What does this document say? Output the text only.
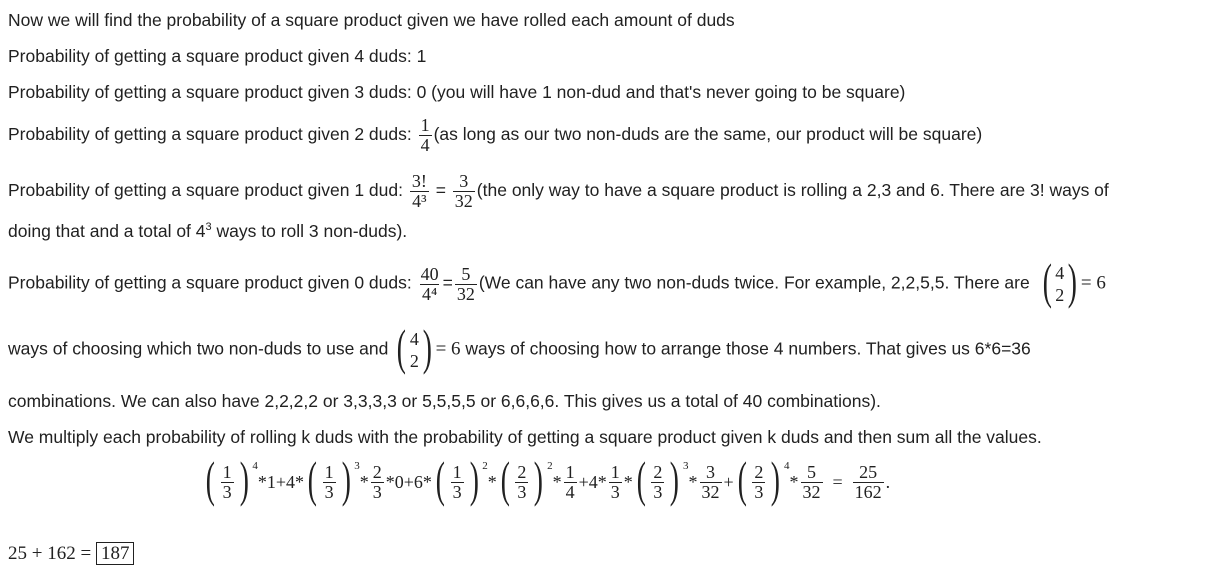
Now we will find the probability of a square product given we have rolled each amount of duds
Probability of getting a square product given 4 duds: 1
Probability of getting a square product given 3 duds: 0 (you will have 1 non-dud and that's never going to be square)
Probability of getting a square product given 2 duds: $\frac{1}{4} (as$ long as our two non-duds are the same, our product will be square)
Probability of getting a square product given 1 dud: $\frac{3!}{\text{4³}} = \frac{3}{32} (the$ only way to have a square product is rolling a 2,3 and 6. There are 3! ways of
doing that and a total of $4^3$ ways to roll 3 non-duds).
Probability of getting a square product given 0 duds: $\frac{40}{\text{4⁴}} = \frac{5}{32} (We$ can have any two non-duds twice. For example, 2,2,5,5. There are ( 4
2 ) = 6
ways of choosing which two non-duds to use and ( 4
2 ) = 6 ways of choosing how to arrange those 4 numbers. That gives us 6*6=36
combinations. We can also have 2,2,2,2 or 3,3,3,3 or 5,5,5,5 or 6,6,6,6. This gives us a total of 40 combinations).
We multiply each probability of rolling k duds with the probability of getting a square product given k duds and then sum all the values.
( $\frac{1}{3}$ ) $^4$
*1+4* ( $\frac{1}{3}$ ) $^3$
* $\frac{2}{3} *0+6*$ ( $\frac{1}{3}$ ) $^2$
* ( $\frac{2}{3}$ ) $^2$
* $\frac{1}{4} +4* \frac{1}{3}$ * ( $\frac{2}{3}$ ) $^3$
* $\frac{3}{32}$ + ( $\frac{2}{3}$ ) $^4$
* $\frac{5}{32} = \frac{25}{162}$ .
25 + 162 = 187
